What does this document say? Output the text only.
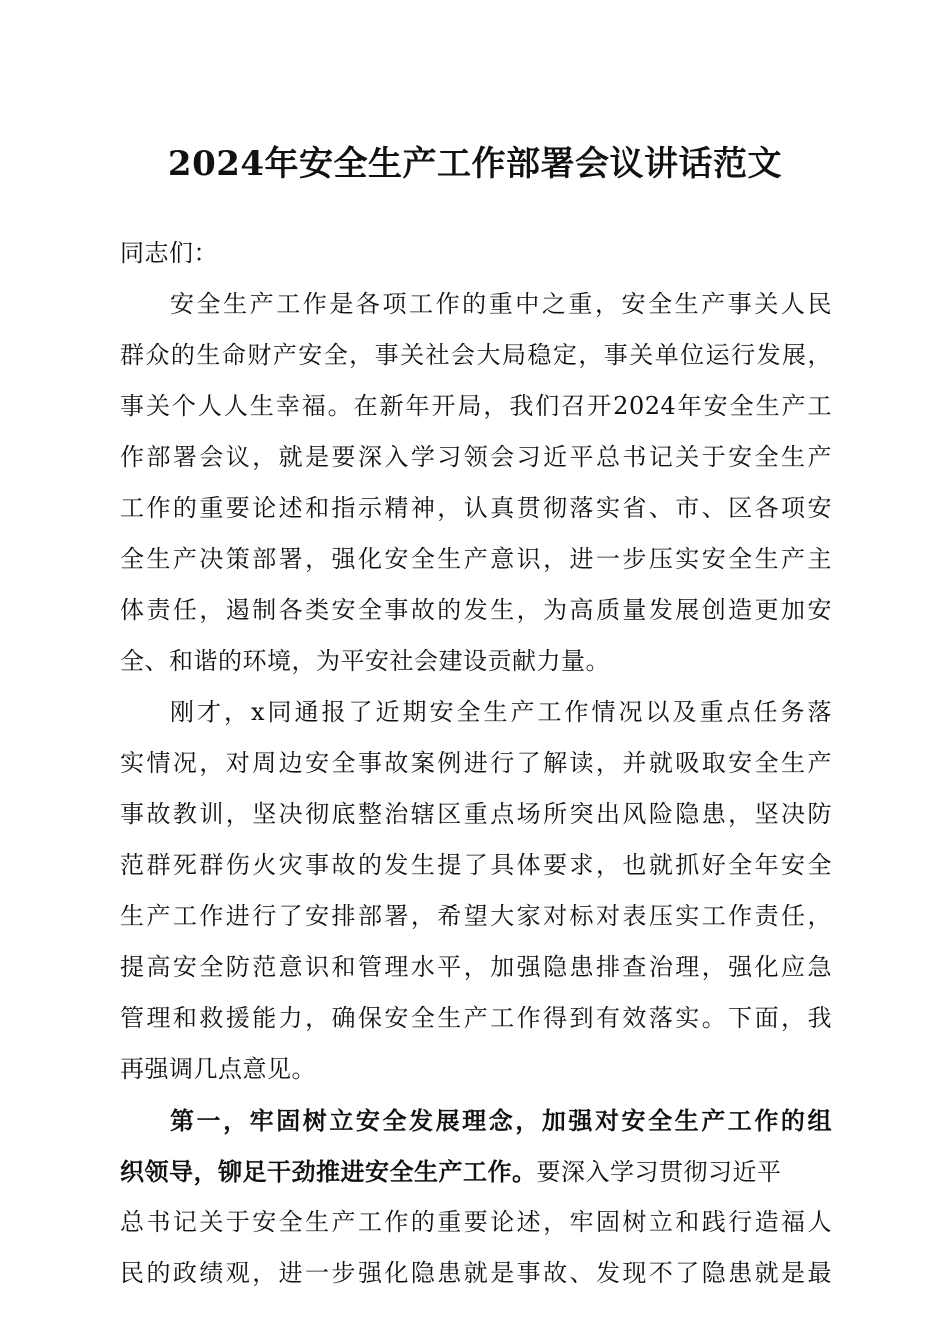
2024年安全生产工作部署会议讲话范文
同志们：
安全生产工作是各项工作的重中之重，安全生产事关人民
群众的生命财产安全，事关社会大局稳定，事关单位运行发展，
事关个人人生幸福。在新年开局，我们召开2024年安全生产工
作部署会议，就是要深入学习领会习近平总书记关于安全生产
工作的重要论述和指示精神，认真贯彻落实省、市、区各项安
全生产决策部署，强化安全生产意识，进一步压实安全生产主
体责任，遏制各类安全事故的发生，为高质量发展创造更加安
全、和谐的环境，为平安社会建设贡献力量。
刚才，x同通报了近期安全生产工作情况以及重点任务落
实情况，对周边安全事故案例进行了解读，并就吸取安全生产
事故教训，坚决彻底整治辖区重点场所突出风险隐患，坚决防
范群死群伤火灾事故的发生提了具体要求，也就抓好全年安全
生产工作进行了安排部署，希望大家对标对表压实工作责任，
提高安全防范意识和管理水平，加强隐患排查治理，强化应急
管理和救援能力，确保安全生产工作得到有效落实。下面，我
再强调几点意见。
第一，牢固树立安全发展理念，加强对安全生产工作的组
织领导，铆足干劲推进安全生产工作。要深入学习贯彻习近平
总书记关于安全生产工作的重要论述，牢固树立和践行造福人
民的政绩观，进一步强化隐患就是事故、发现不了隐患就是最
